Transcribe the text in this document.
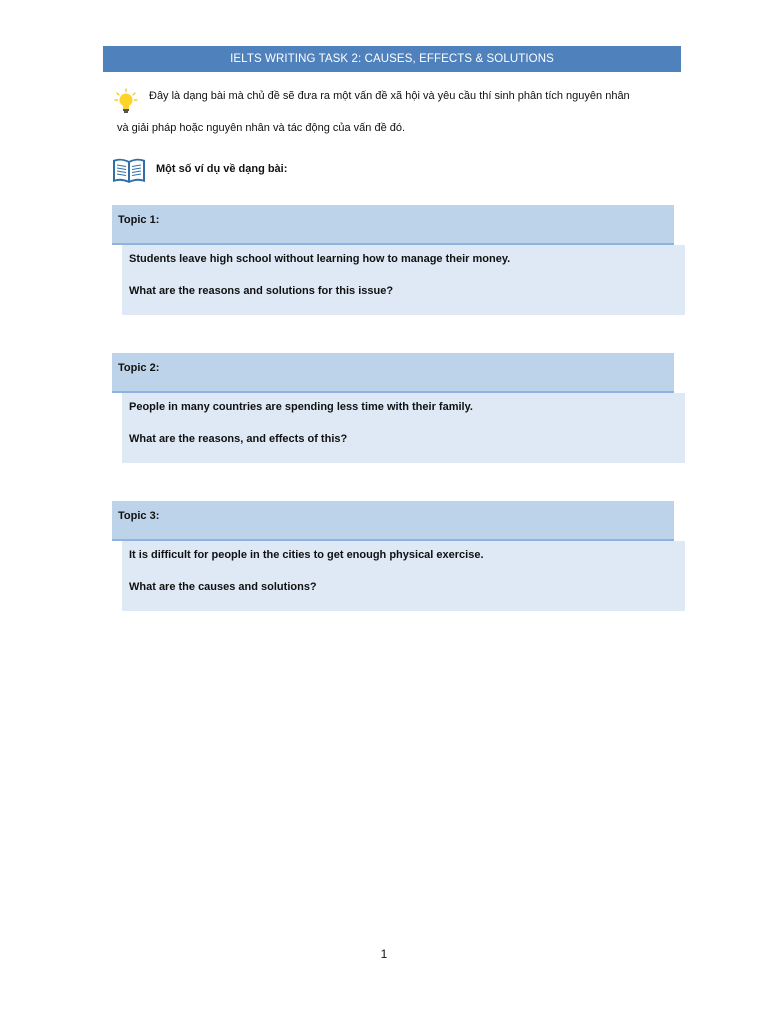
IELTS WRITING TASK 2: CAUSES, EFFECTS & SOLUTIONS
Đây là dạng bài mà chủ đề sẽ đưa ra một vấn đề xã hội và yêu cầu thí sinh phân tích nguyên nhân
và giải pháp hoặc nguyên nhân và tác động của vấn đề đó.
Một số ví dụ về dạng bài:
Topic 1:
Students leave high school without learning how to manage their money.
What are the reasons and solutions for this issue?
Topic 2:
People in many countries are spending less time with their family.
What are the reasons, and effects of this?
Topic 3:
It is difficult for people in the cities to get enough physical exercise.
What are the causes and solutions?
1
